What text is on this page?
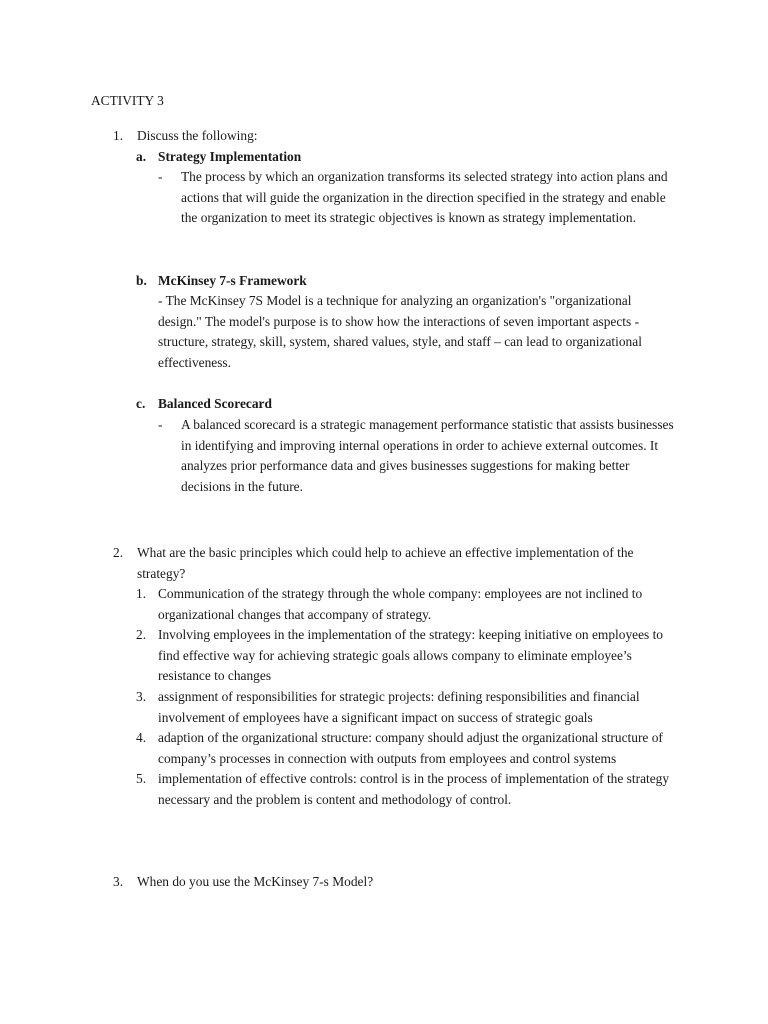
ACTIVITY 3
1. Discuss the following:
a. Strategy Implementation
- The process by which an organization transforms its selected strategy into action plans and actions that will guide the organization in the direction specified in the strategy and enable the organization to meet its strategic objectives is known as strategy implementation.
b. McKinsey 7-s Framework
- The McKinsey 7S Model is a technique for analyzing an organization's "organizational design." The model's purpose is to show how the interactions of seven important aspects - structure, strategy, skill, system, shared values, style, and staff – can lead to organizational effectiveness.
c. Balanced Scorecard
- A balanced scorecard is a strategic management performance statistic that assists businesses in identifying and improving internal operations in order to achieve external outcomes. It analyzes prior performance data and gives businesses suggestions for making better decisions in the future.
2. What are the basic principles which could help to achieve an effective implementation of the strategy?
1. Communication of the strategy through the whole company: employees are not inclined to organizational changes that accompany of strategy.
2. Involving employees in the implementation of the strategy: keeping initiative on employees to find effective way for achieving strategic goals allows company to eliminate employee’s resistance to changes
3. assignment of responsibilities for strategic projects: defining responsibilities and financial involvement of employees have a significant impact on success of strategic goals
4. adaption of the organizational structure: company should adjust the organizational structure of company’s processes in connection with outputs from employees and control systems
5. implementation of effective controls: control is in the process of implementation of the strategy necessary and the problem is content and methodology of control.
3. When do you use the McKinsey 7-s Model?
